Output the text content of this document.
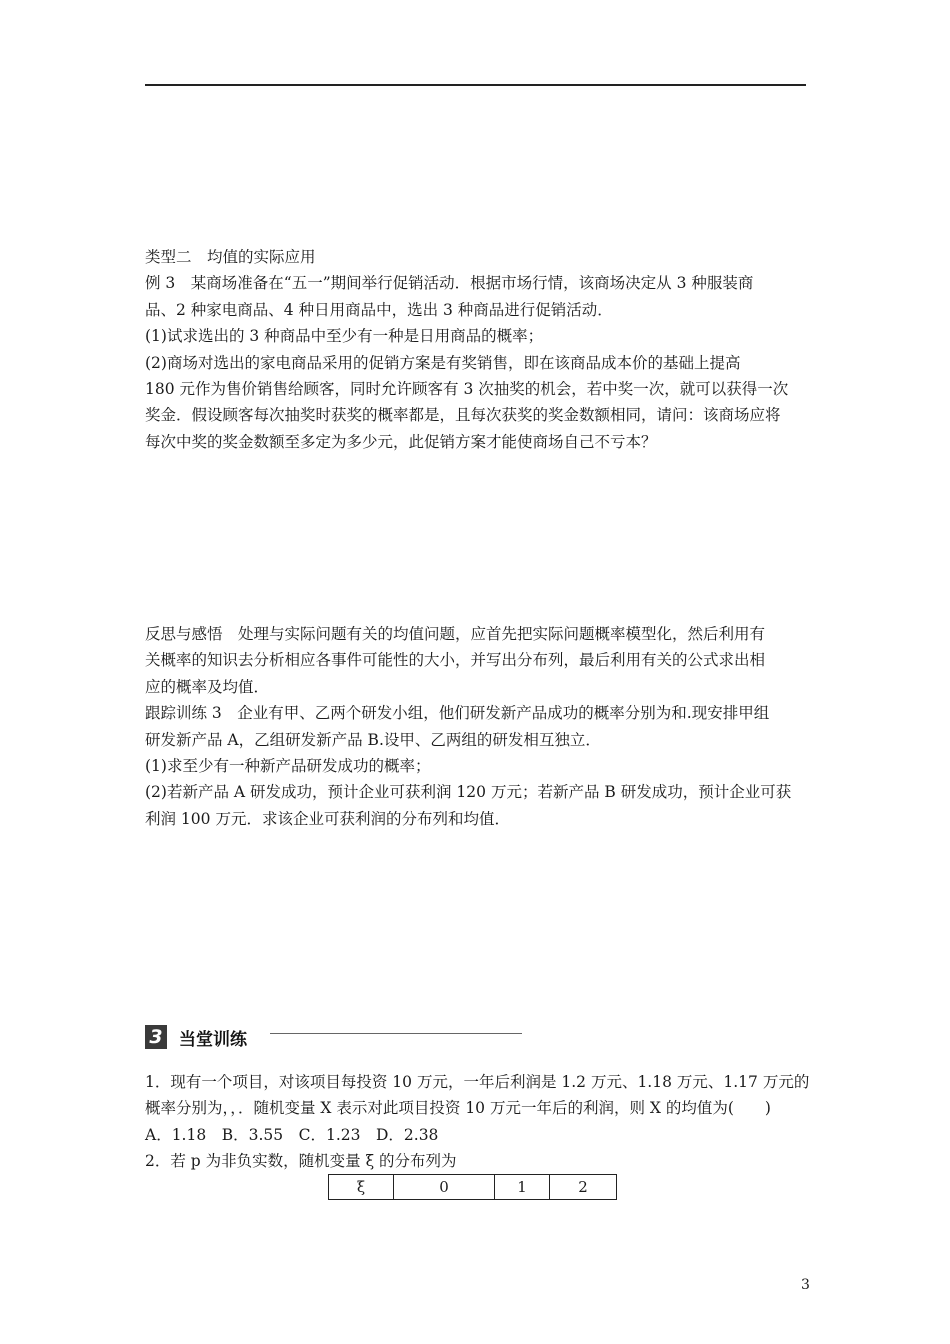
类型二　均值的实际应用

例 3　某商场准备在“五一”期间举行促销活动．根据市场行情，该商场决定从 3 种服装商

品、2 种家电商品、4 种日用商品中，选出 3 种商品进行促销活动．

(1)试求选出的 3 种商品中至少有一种是日用商品的概率；

(2)商场对选出的家电商品采用的促销方案是有奖销售，即在该商品成本价的基础上提高

180 元作为售价销售给顾客，同时允许顾客有 3 次抽奖的机会，若中奖一次，就可以获得一次

奖金．假设顾客每次抽奖时获奖的概率都是，且每次获奖的奖金数额相同，请问：该商场应将

每次中奖的奖金数额至多定为多少元，此促销方案才能使商场自己不亏本？

反思与感悟　处理与实际问题有关的均值问题，应首先把实际问题概率模型化，然后利用有

关概率的知识去分析相应各事件可能性的大小，并写出分布列，最后利用有关的公式求出相

应的概率及均值．

跟踪训练 3　企业有甲、乙两个研发小组，他们研发新产品成功的概率分别为和.现安排甲组

研发新产品 A，乙组研发新产品 B.设甲、乙两组的研发相互独立．

(1)求至少有一种新产品研发成功的概率；

(2)若新产品 A 研发成功，预计企业可获利润 120 万元；若新产品 B 研发成功，预计企业可获

利润 100 万元．求该企业可获利润的分布列和均值．

3 当堂训练

1．现有一个项目，对该项目每投资 10 万元，一年后利润是 1.2 万元、1.18 万元、1.17 万元的

概率分别为，，．随机变量 X 表示对此项目投资 10 万元一年后的利润，则 X 的均值为(　　)

A．1.18　B．3.55　C．1.23　D．2.38

2．若 p 为非负实数，随机变量 ξ 的分布列为

ξ	0	1	2
3
